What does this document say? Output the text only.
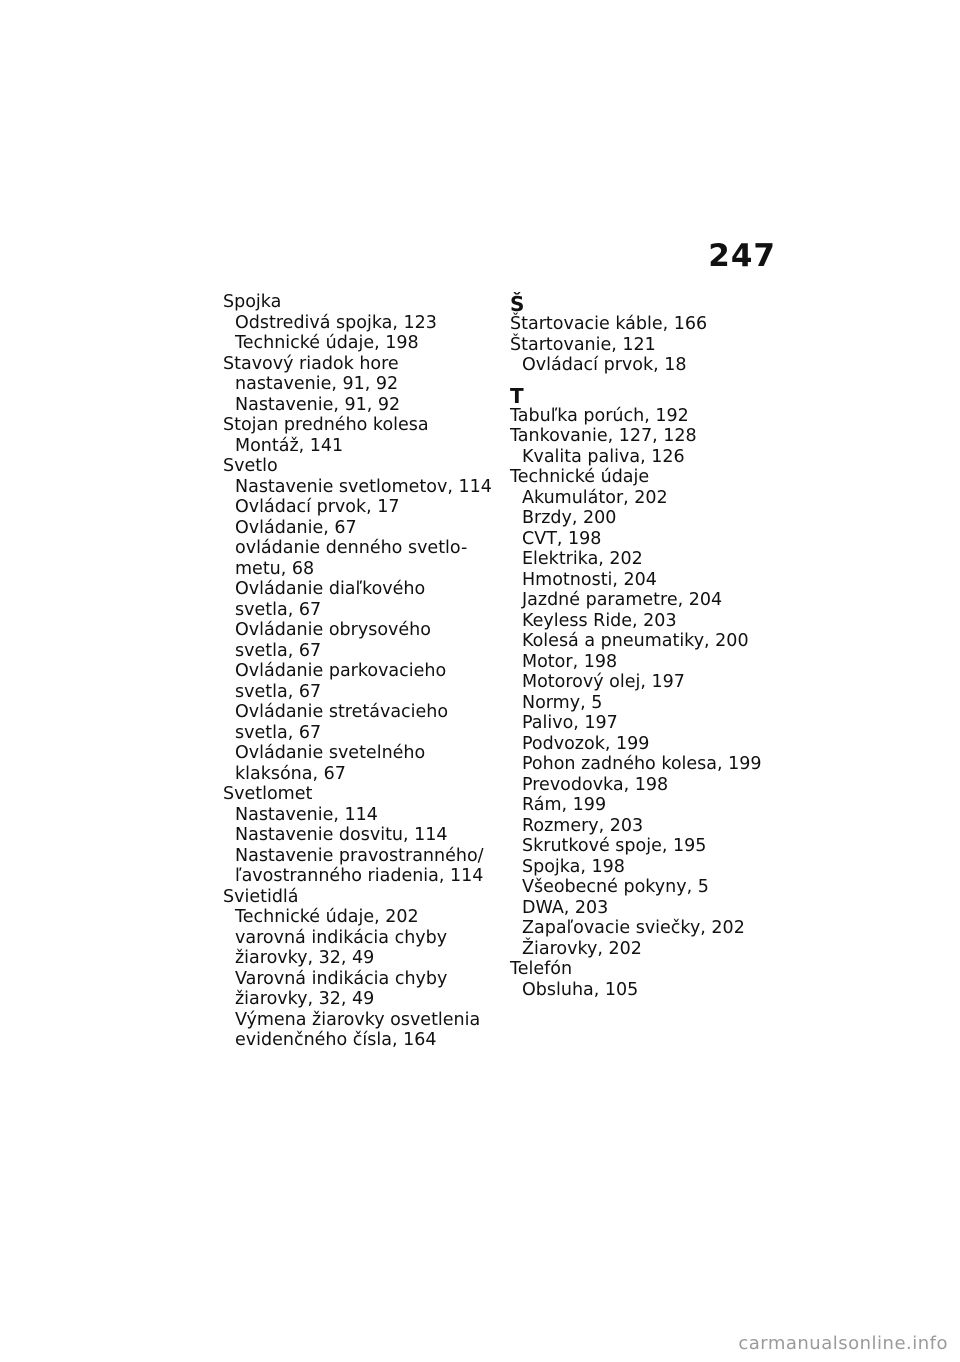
247
Spojka
Odstredivá spojka, 123
Technické údaje, 198
Stavový riadok hore
nastavenie, 91, 92
Nastavenie, 91, 92
Stojan predného kolesa
Montáž, 141
Svetlo
Nastavenie svetlometov, 114
Ovládací prvok, 17
Ovládanie, 67
ovládanie denného svetlo-
metu, 68
Ovládanie diaľkového
svetla, 67
Ovládanie obrysového
svetla, 67
Ovládanie parkovacieho
svetla, 67
Ovládanie stretávacieho
svetla, 67
Ovládanie svetelného
klaksóna, 67
Svetlomet
Nastavenie, 114
Nastavenie dosvitu, 114
Nastavenie pravostranného/
ľavostranného riadenia, 114
Svietidlá
Technické údaje, 202
varovná indikácia chyby
žiarovky, 32, 49
Varovná indikácia chyby
žiarovky, 32, 49
Výmena žiarovky osvetlenia
evidenčného čísla, 164
Š
Štartovacie káble, 166
Štartovanie, 121
Ovládací prvok, 18
T
Tabuľka porúch, 192
Tankovanie, 127, 128
Kvalita paliva, 126
Technické údaje
Akumulátor, 202
Brzdy, 200
CVT, 198
Elektrika, 202
Hmotnosti, 204
Jazdné parametre, 204
Keyless Ride, 203
Kolesá a pneumatiky, 200
Motor, 198
Motorový olej, 197
Normy, 5
Palivo, 197
Podvozok, 199
Pohon zadného kolesa, 199
Prevodovka, 198
Rám, 199
Rozmery, 203
Skrutkové spoje, 195
Spojka, 198
Všeobecné pokyny, 5
DWA, 203
Zapaľovacie sviečky, 202
Žiarovky, 202
Telefón
Obsluha, 105
carmanualsonline.info
